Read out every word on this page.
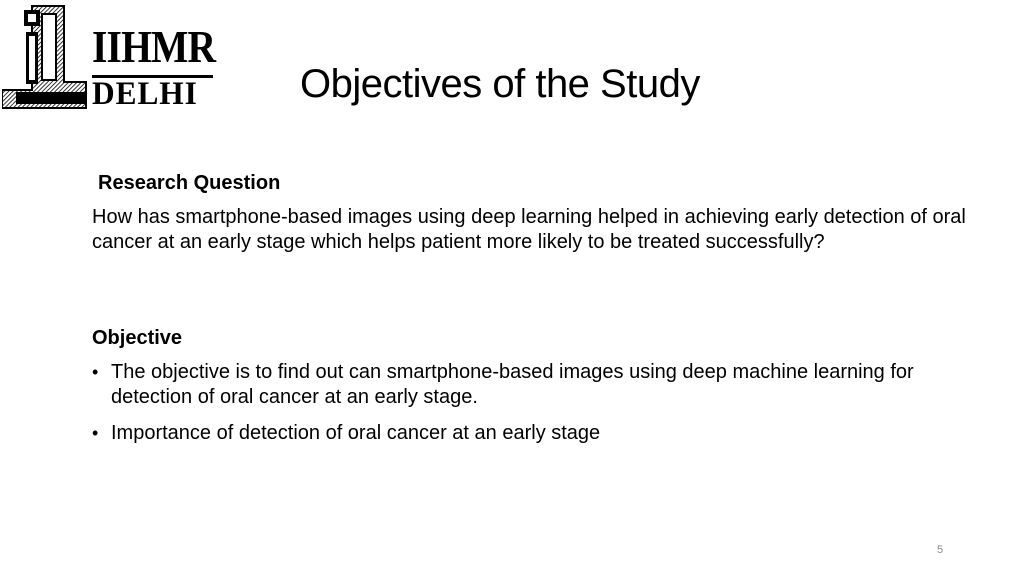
IIHMR
DELHI	Objectives of the Study
Research Question
How has smartphone-based images using deep learning helped in achieving early detection of oral cancer at an early stage which helps patient more likely to be treated successfully?
Objective
• The objective is to find out can smartphone-based images using deep machine learning for detection of oral cancer at an early stage.
• Importance of detection of oral cancer at an early stage
5
